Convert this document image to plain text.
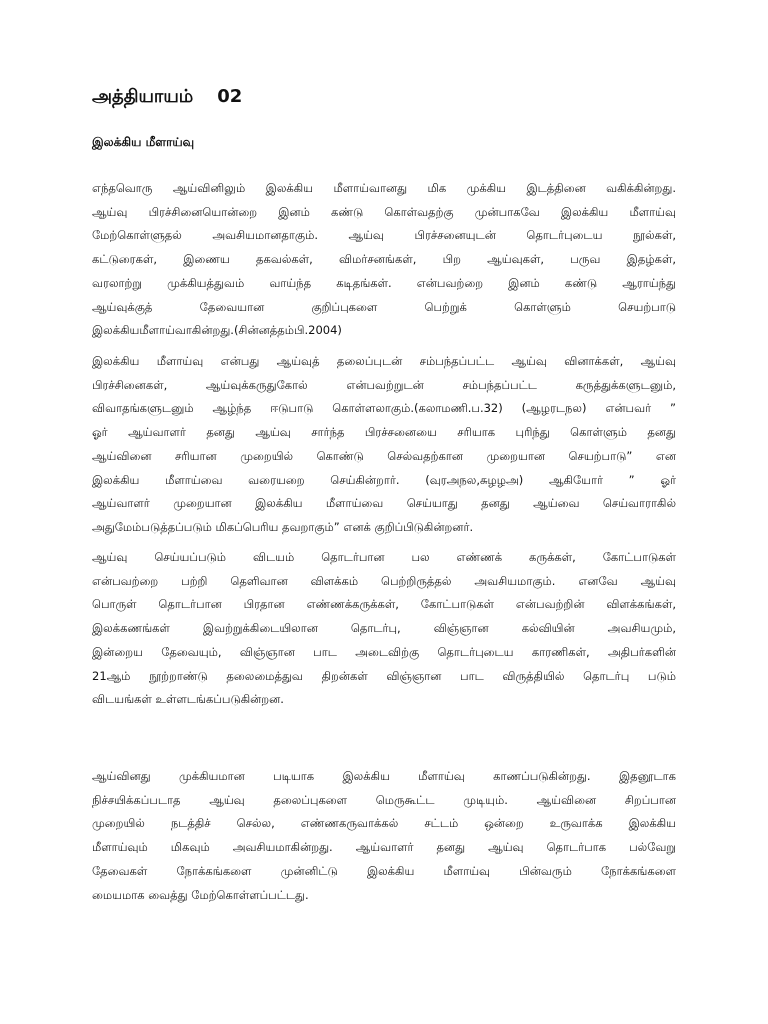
அத்தியாயம் 02
இலக்கிய மீளாய்வு

எந்தவொரு ஆய்வினிலும் இலக்கிய மீளாய்வானது மிக முக்கிய இடத்தினை வகிக்கின்றது.
ஆய்வு பிரச்சினையொன்றை இனம் கண்டு கொள்வதற்கு முன்பாகவே இலக்கிய மீளாய்வு
மேற்கொள்ளுதல் அவசியமானதாகும். ஆய்வு பிரச்சனையுடன் தொடர்புடைய நூல்கள்,
கட்டுரைகள், இணைய தகவல்கள், விமர்சனங்கள், பிற ஆய்வுகள், பருவ இதழ்கள்,
வரலாற்று முக்கியத்துவம் வாய்ந்த கடிதங்கள். என்பவற்றை இனம் கண்டு ஆராய்ந்து
ஆய்வுக்குத் தேவையான குறிப்புகளை பெற்றுக் கொள்ளும் செயற்பாடு
இலக்கியமீளாய்வாகின்றது.(சின்னத்தம்பி.2004)

இலக்கிய மீளாய்வு என்பது ஆய்வுத் தலைப்புடன் சம்பந்தப்பட்ட ஆய்வு வினாக்கள், ஆய்வு
பிரச்சினைகள், ஆய்வுக்கருதுகோல் என்பவற்றுடன் சம்பந்தப்பட்ட கருத்துக்களுடனும்,
விவாதங்களுடனும் ஆழ்ந்த ஈடுபாடு கொள்ளலாகும்.(கலாமணி.ப.32) (ஆழரடநல) என்பவர் ”
ஓர் ஆய்வாளர் தனது ஆய்வு சார்ந்த பிரச்சனையை சரியாக புரிந்து கொள்ளும் தனது
ஆய்வினை சரியான முறையில் கொண்டு செல்வதற்கான முறையான செயற்பாடு” என
இலக்கிய மீளாய்வை வரையறை செய்கின்றார். (வுரஅநல,சுழழஅ) ஆகியோர் ” ஓர்
ஆய்வாளர் முறையான இலக்கிய மீளாய்வை செய்யாது தனது ஆய்வை செய்வாராகில்
அதுமேம்படுத்தப்படும் மிகப்பெரிய தவறாகும்” எனக் குறிப்பிடுகின்றனர்.

ஆய்வு செய்யப்படும் விடயம் தொடர்பான பல எண்ணக் கருக்கள், கோட்பாடுகள்
என்பவற்றை பற்றி தெளிவான விளக்கம் பெற்றிருத்தல் அவசியமாகும். எனவே ஆய்வு
பொருள் தொடர்பான பிரதான எண்ணக்கருக்கள், கோட்பாடுகள் என்பவற்றின் விளக்கங்கள்,
இலக்கணங்கள் இவற்றுக்கிடையிலான தொடர்பு, விஞ்ஞான கல்வியின் அவசியமும்,
இன்றைய தேவையும், விஞ்ஞான பாட அடைவிற்கு தொடர்புடைய காரணிகள், அதிபர்களின்
21ஆம் நூற்றாண்டு தலைமைத்துவ திறன்கள் விஞ்ஞான பாட விருத்தியில் தொடர்பு படும்
விடயங்கள் உள்ளடங்கப்படுகின்றன.

ஆய்வினது முக்கியமான படியாக இலக்கிய மீளாய்வு காணப்படுகின்றது. இதனூடாக
நிச்சயிக்கப்படாத ஆய்வு தலைப்புகளை மெருகூட்ட முடியும். ஆய்வினை சிறப்பான
முறையில் நடத்திச் செல்ல, எண்ணகருவாக்கல் சட்டம் ஒன்றை உருவாக்க இலக்கிய
மீளாய்வும் மிகவும் அவசியமாகின்றது. ஆய்வாளர் தனது ஆய்வு தொடர்பாக பல்வேறு
தேவைகள் நோக்கங்களை முன்னிட்டு இலக்கிய மீளாய்வு பின்வரும் நோக்கங்களை
மையமாக வைத்து மேற்கொள்ளப்பட்டது.
